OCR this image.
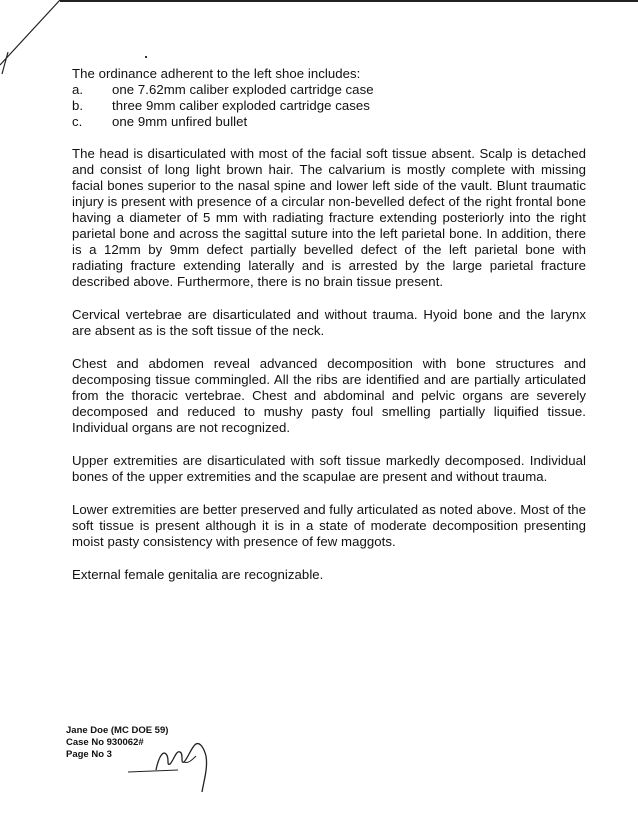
The ordinance adherent to the left shoe includes:

a.	one 7.62mm caliber exploded cartridge case
b.	three 9mm caliber exploded cartridge cases
c.	one 9mm unfired bullet

The head is disarticulated with most of the facial soft tissue absent. Scalp is detached and consist of long light brown hair. The calvarium is mostly complete with missing facial bones superior to the nasal spine and lower left side of the vault. Blunt traumatic injury is present with presence of a circular non-bevelled defect of the right frontal bone having a diameter of 5 mm with radiating fracture extending posteriorly into the right parietal bone and across the sagittal suture into the left parietal bone. In addition, there is a 12mm by 9mm defect partially bevelled defect of the left parietal bone with radiating fracture extending laterally and is arrested by the large parietal fracture described above. Furthermore, there is no brain tissue present.

Cervical vertebrae are disarticulated and without trauma. Hyoid bone and the larynx are absent as is the soft tissue of the neck.

Chest and abdomen reveal advanced decomposition with bone structures and decomposing tissue commingled. All the ribs are identified and are partially articulated from the thoracic vertebrae. Chest and abdominal and pelvic organs are severely decomposed and reduced to mushy pasty foul smelling partially liquified tissue. Individual organs are not recognized.

Upper extremities are disarticulated with soft tissue markedly decomposed. Individual bones of the upper extremities and the scapulae are present and without trauma.

Lower extremities are better preserved and fully articulated as noted above. Most of the soft tissue is present although it is in a state of moderate decomposition presenting moist pasty consistency with presence of few maggots.

External female genitalia are recognizable.

Jane Doe (MC DOE 59)
Case No 930062#
Page No 3
